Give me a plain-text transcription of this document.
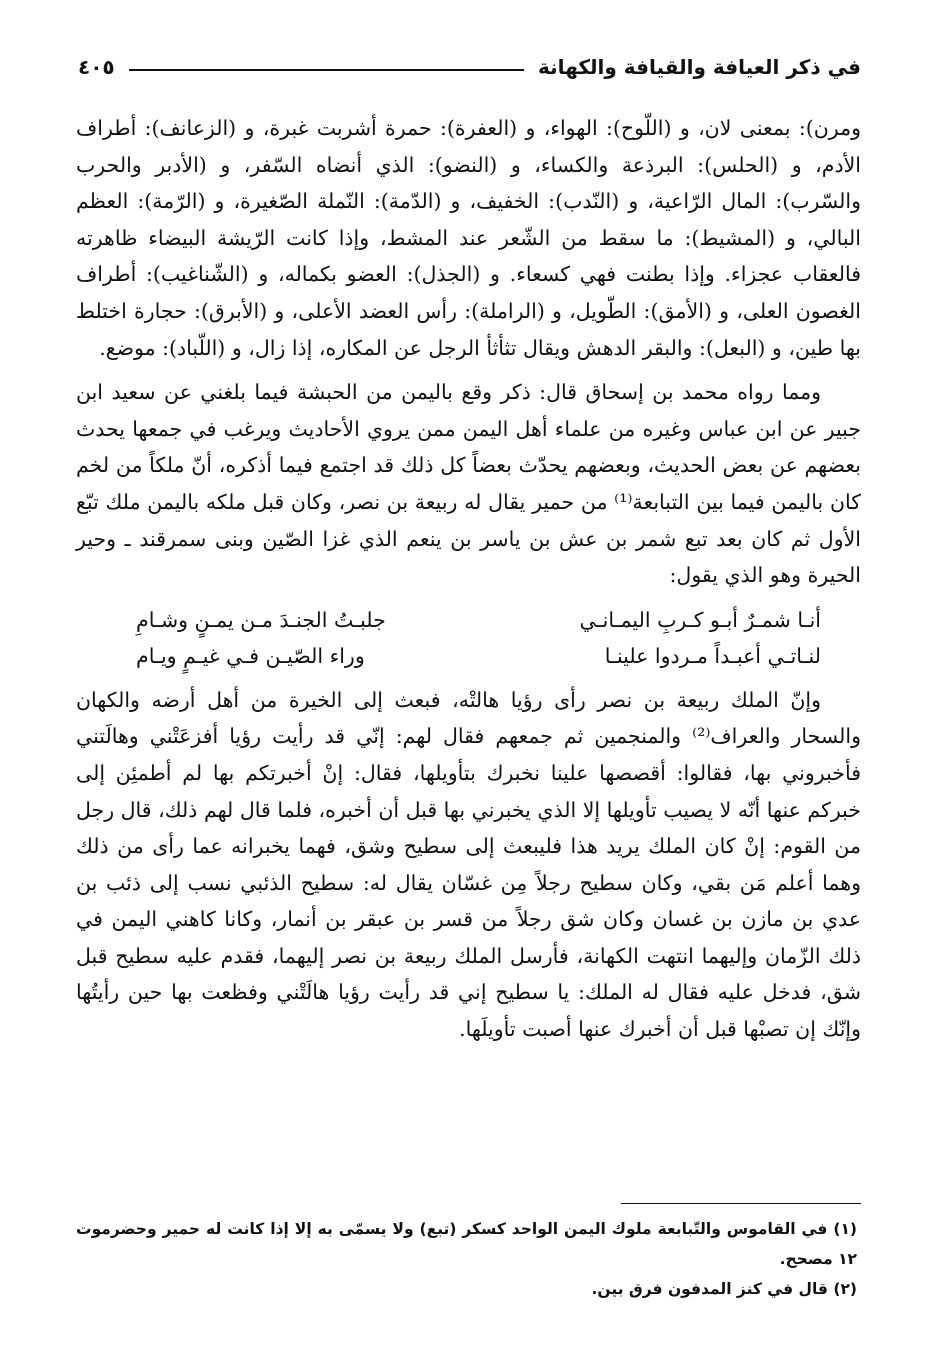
في ذكر العيافة والقيافة والكهانة
٤٠٥

ومرن): بمعنى لان، و (اللّوح): الهواء، و (العفرة): حمرة أشربت غبرة، و (الزعانف): أطراف الأدم، و (الحلس): البرذعة والكساء، و (النضو): الذي أنضاه السّفر، و (الأدبر والحرب والسّرب): المال الرّاعية، و (النّدب): الخفيف، و (الدّمة): النّملة الصّغيرة، و (الرّمة): العظم البالي، و (المشيط): ما سقط من الشّعر عند المشط، وإذا كانت الرّيشة البيضاء ظاهرته فالعقاب عجزاء. وإذا بطنت فهي كسعاء. و (الجذل): العضو بكماله، و (الشّناغيب): أطراف الغصون العلى، و (الأمق): الطّويل، و (الراملة): رأس العضد الأعلى، و (الأبرق): حجارة اختلط بها طين، و (البعل): والبقر الدهش ويقال تثأثأ الرجل عن المكاره، إذا زال، و (اللّباد): موضع.

ومما رواه محمد بن إسحاق قال: ذكر وقع باليمن من الحبشة فيما بلغني عن سعيد ابن جبير عن ابن عباس وغيره من علماء أهل اليمن ممن يروي الأحاديث ويرغب في جمعها يحدث بعضهم عن بعض الحديث، وبعضهم يحدّث بعضاً كل ذلك قد اجتمع فيما أذكره، أنّ ملكاً من لخم كان باليمن فيما بين التبابعة⁽¹⁾ من حمير يقال له ربيعة بن نصر، وكان قبل ملكه باليمن ملك تبّع الأول ثم كان بعد تبع شمر بن عش بن ياسر بن ينعم الذي غزا الصّين وبنى سمرقند ـ وحير الحيرة وهو الذي يقول:

أنـا شمـرٌ أبـو كـربِ اليمـانـي
جلبـتُ الجنـدَ مـن يمـنٍ وشـامِ
لنـاتـي أعبـداً مـردوا علينـا
وراء الصّيـن فـي غيـمٍ ويـام

وإنّ الملك ربيعة بن نصر رأى رؤيا هالتْه، فبعث إلى الخيرة من أهل أرضه والكهان والسحار والعراف⁽²⁾ والمنجمين ثم جمعهم فقال لهم: إنّي قد رأيت رؤيا أفزعَتْني وهالَتني فأخبروني بها، فقالوا: أقصصها علينا نخبرك بتأويلها، فقال: إنْ أخبرتكم بها لم أطمئِن إلى خبركم عنها أنّه لا يصيب تأويلها إلا الذي يخبرني بها قبل أن أخبره، فلما قال لهم ذلك، قال رجل من القوم: إنْ كان الملك يريد هذا فليبعث إلى سطيح وشق، فهما يخبرانه عما رأى من ذلك وهما أعلم مَن بقي، وكان سطيح رجلاً مِن غسّان يقال له: سطيح الذئبي نسب إلى ذئب بن عدي بن مازن بن غسان وكان شق رجلاً من قسر بن عبقر بن أنمار، وكانا كاهني اليمن في ذلك الزّمان وإليهما انتهت الكهانة، فأرسل الملك ربيعة بن نصر إليهما، فقدم عليه سطيح قبل شق، فدخل عليه فقال له الملك: يا سطيح إني قد رأيت رؤيا هالَتْني وفظعت بها حين رأيتُها وإنّك إن تصبْها قبل أن أخبرك عنها أصبت تأويلَها.

(١) في القاموس والتّبابعة ملوك اليمن الواحد كسكر (تبع) ولا يسمّى به إلا إذا كانت له حمير وحضرموت ١٢ مصحح.

(٢) قال في كنز المدفون فرق بين.
